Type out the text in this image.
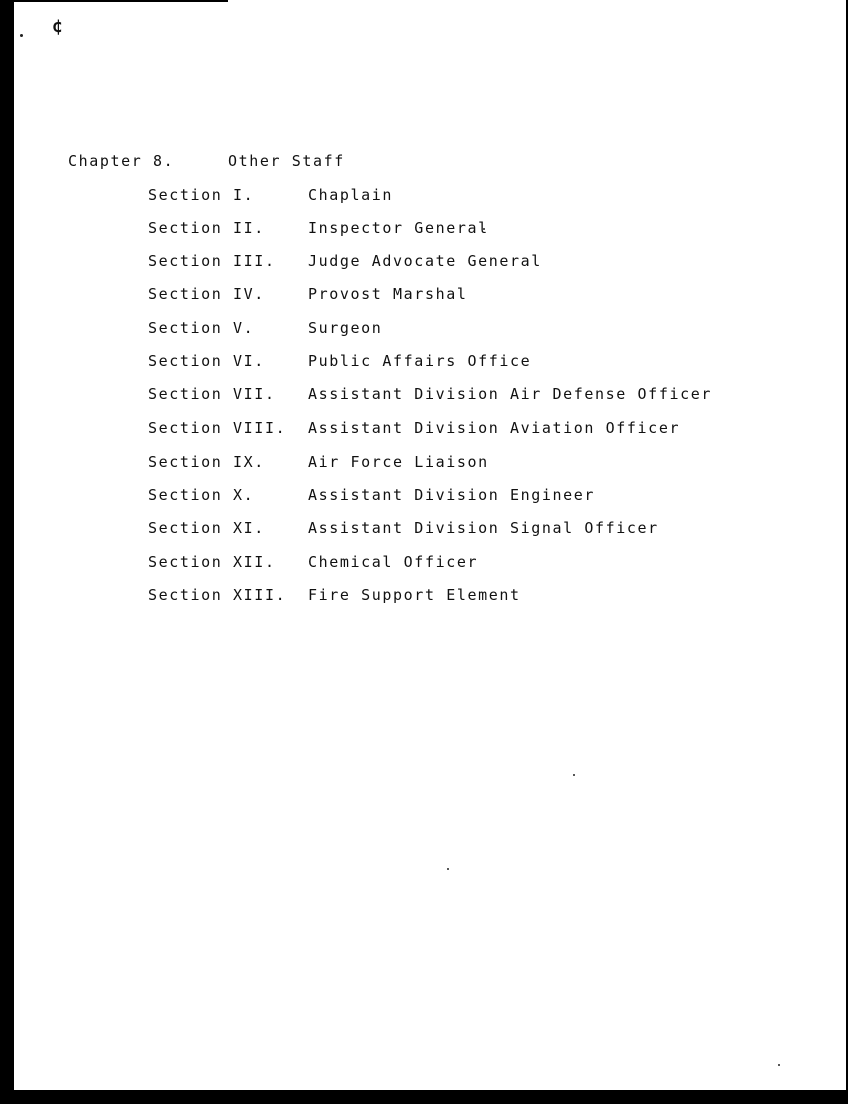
¢
Chapter 8.	Other Staff
Section I.	Chaplain
Section II.	Inspector General
Section III. Judge Advocate General
Section IV.	Provost Marshal
Section V.	Surgeon
Section VI.	Public Affairs Office
Section VII. Assistant Division Air Defense Officer
Section VIII. Assistant Division Aviation Officer
Section IX.	Air Force Liaison
Section X.	Assistant Division Engineer
Section XI.	Assistant Division Signal Officer
Section XII. Chemical Officer
Section XIII. Fire Support Element
